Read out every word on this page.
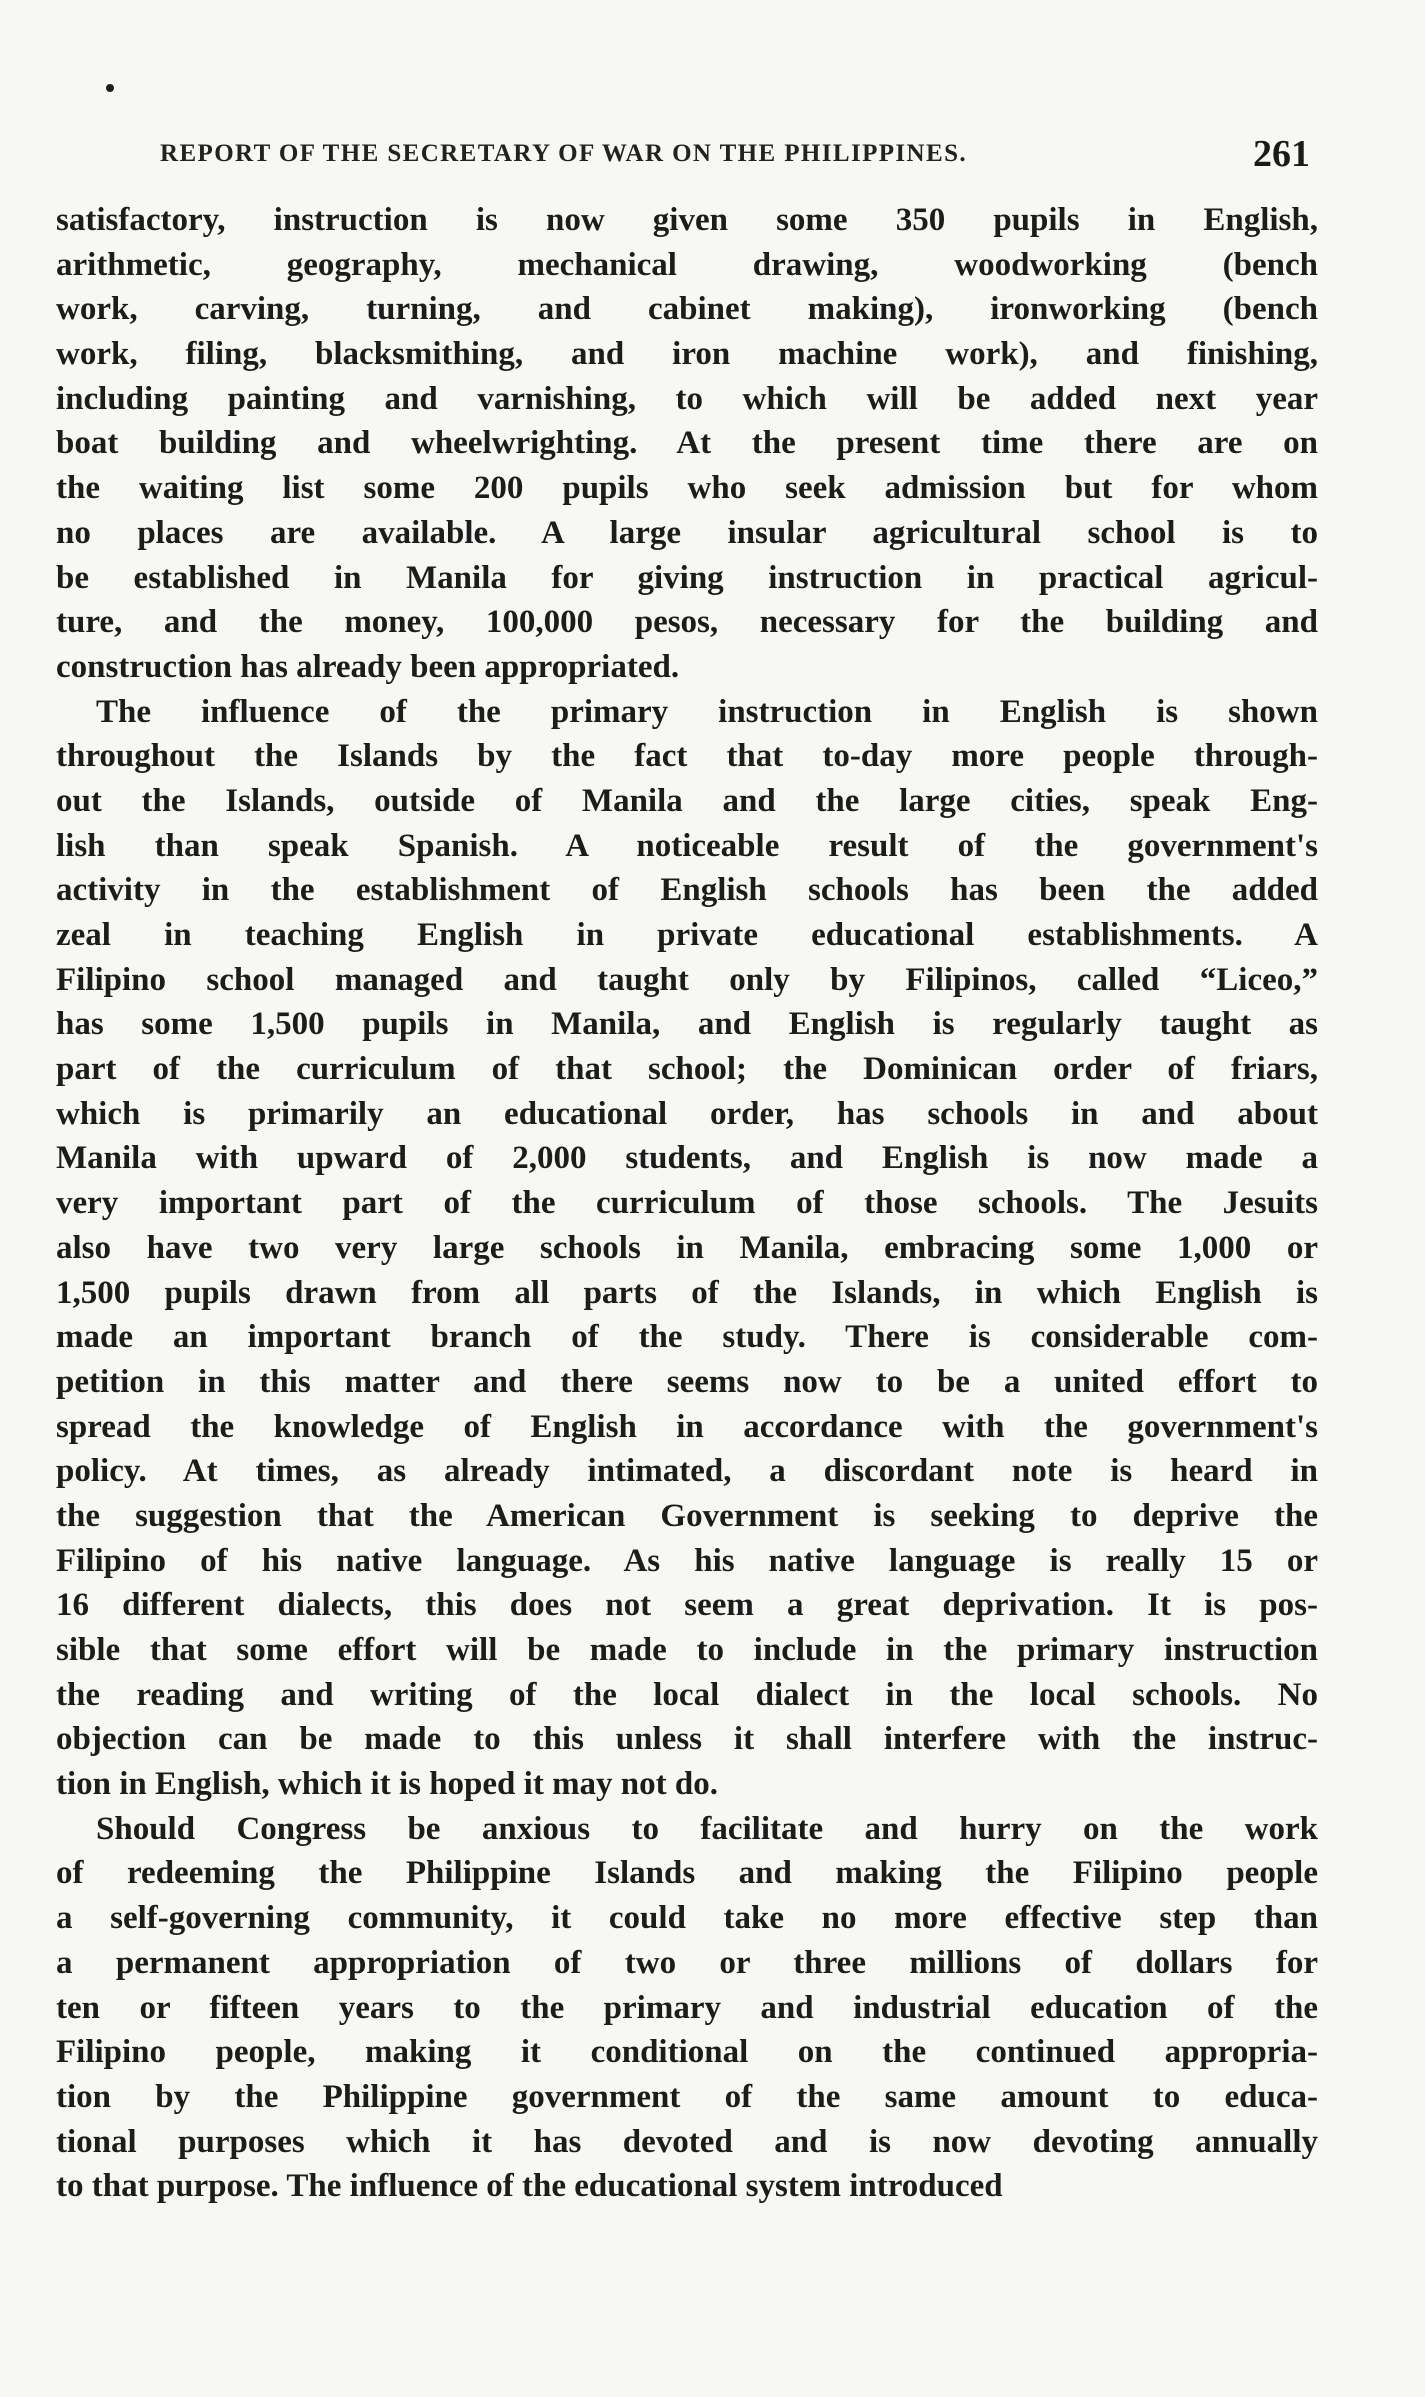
REPORT OF THE SECRETARY OF WAR ON THE PHILIPPINES.	261
satisfactory, instruction is now given some 350 pupils in English,
arithmetic, geography, mechanical drawing, woodworking (bench
work, carving, turning, and cabinet making), ironworking (bench
work, filing, blacksmithing, and iron machine work), and finishing,
including painting and varnishing, to which will be added next year
boat building and wheelwrighting. At the present time there are on
the waiting list some 200 pupils who seek admission but for whom
no places are available. A large insular agricultural school is to
be established in Manila for giving instruction in practical agricul-
ture, and the money, 100,000 pesos, necessary for the building and
construction has already been appropriated.
The influence of the primary instruction in English is shown
throughout the Islands by the fact that to-day more people through-
out the Islands, outside of Manila and the large cities, speak Eng-
lish than speak Spanish. A noticeable result of the government's
activity in the establishment of English schools has been the added
zeal in teaching English in private educational establishments. A
Filipino school managed and taught only by Filipinos, called “Liceo,”
has some 1,500 pupils in Manila, and English is regularly taught as
part of the curriculum of that school; the Dominican order of friars,
which is primarily an educational order, has schools in and about
Manila with upward of 2,000 students, and English is now made a
very important part of the curriculum of those schools. The Jesuits
also have two very large schools in Manila, embracing some 1,000 or
1,500 pupils drawn from all parts of the Islands, in which English is
made an important branch of the study. There is considerable com-
petition in this matter and there seems now to be a united effort to
spread the knowledge of English in accordance with the government's
policy. At times, as already intimated, a discordant note is heard in
the suggestion that the American Government is seeking to deprive the
Filipino of his native language. As his native language is really 15 or
16 different dialects, this does not seem a great deprivation. It is pos-
sible that some effort will be made to include in the primary instruction
the reading and writing of the local dialect in the local schools. No
objection can be made to this unless it shall interfere with the instruc-
tion in English, which it is hoped it may not do.
Should Congress be anxious to facilitate and hurry on the work
of redeeming the Philippine Islands and making the Filipino people
a self-governing community, it could take no more effective step than
a permanent appropriation of two or three millions of dollars for
ten or fifteen years to the primary and industrial education of the
Filipino people, making it conditional on the continued appropria-
tion by the Philippine government of the same amount to educa-
tional purposes which it has devoted and is now devoting annually
to that purpose. The influence of the educational system introduced
